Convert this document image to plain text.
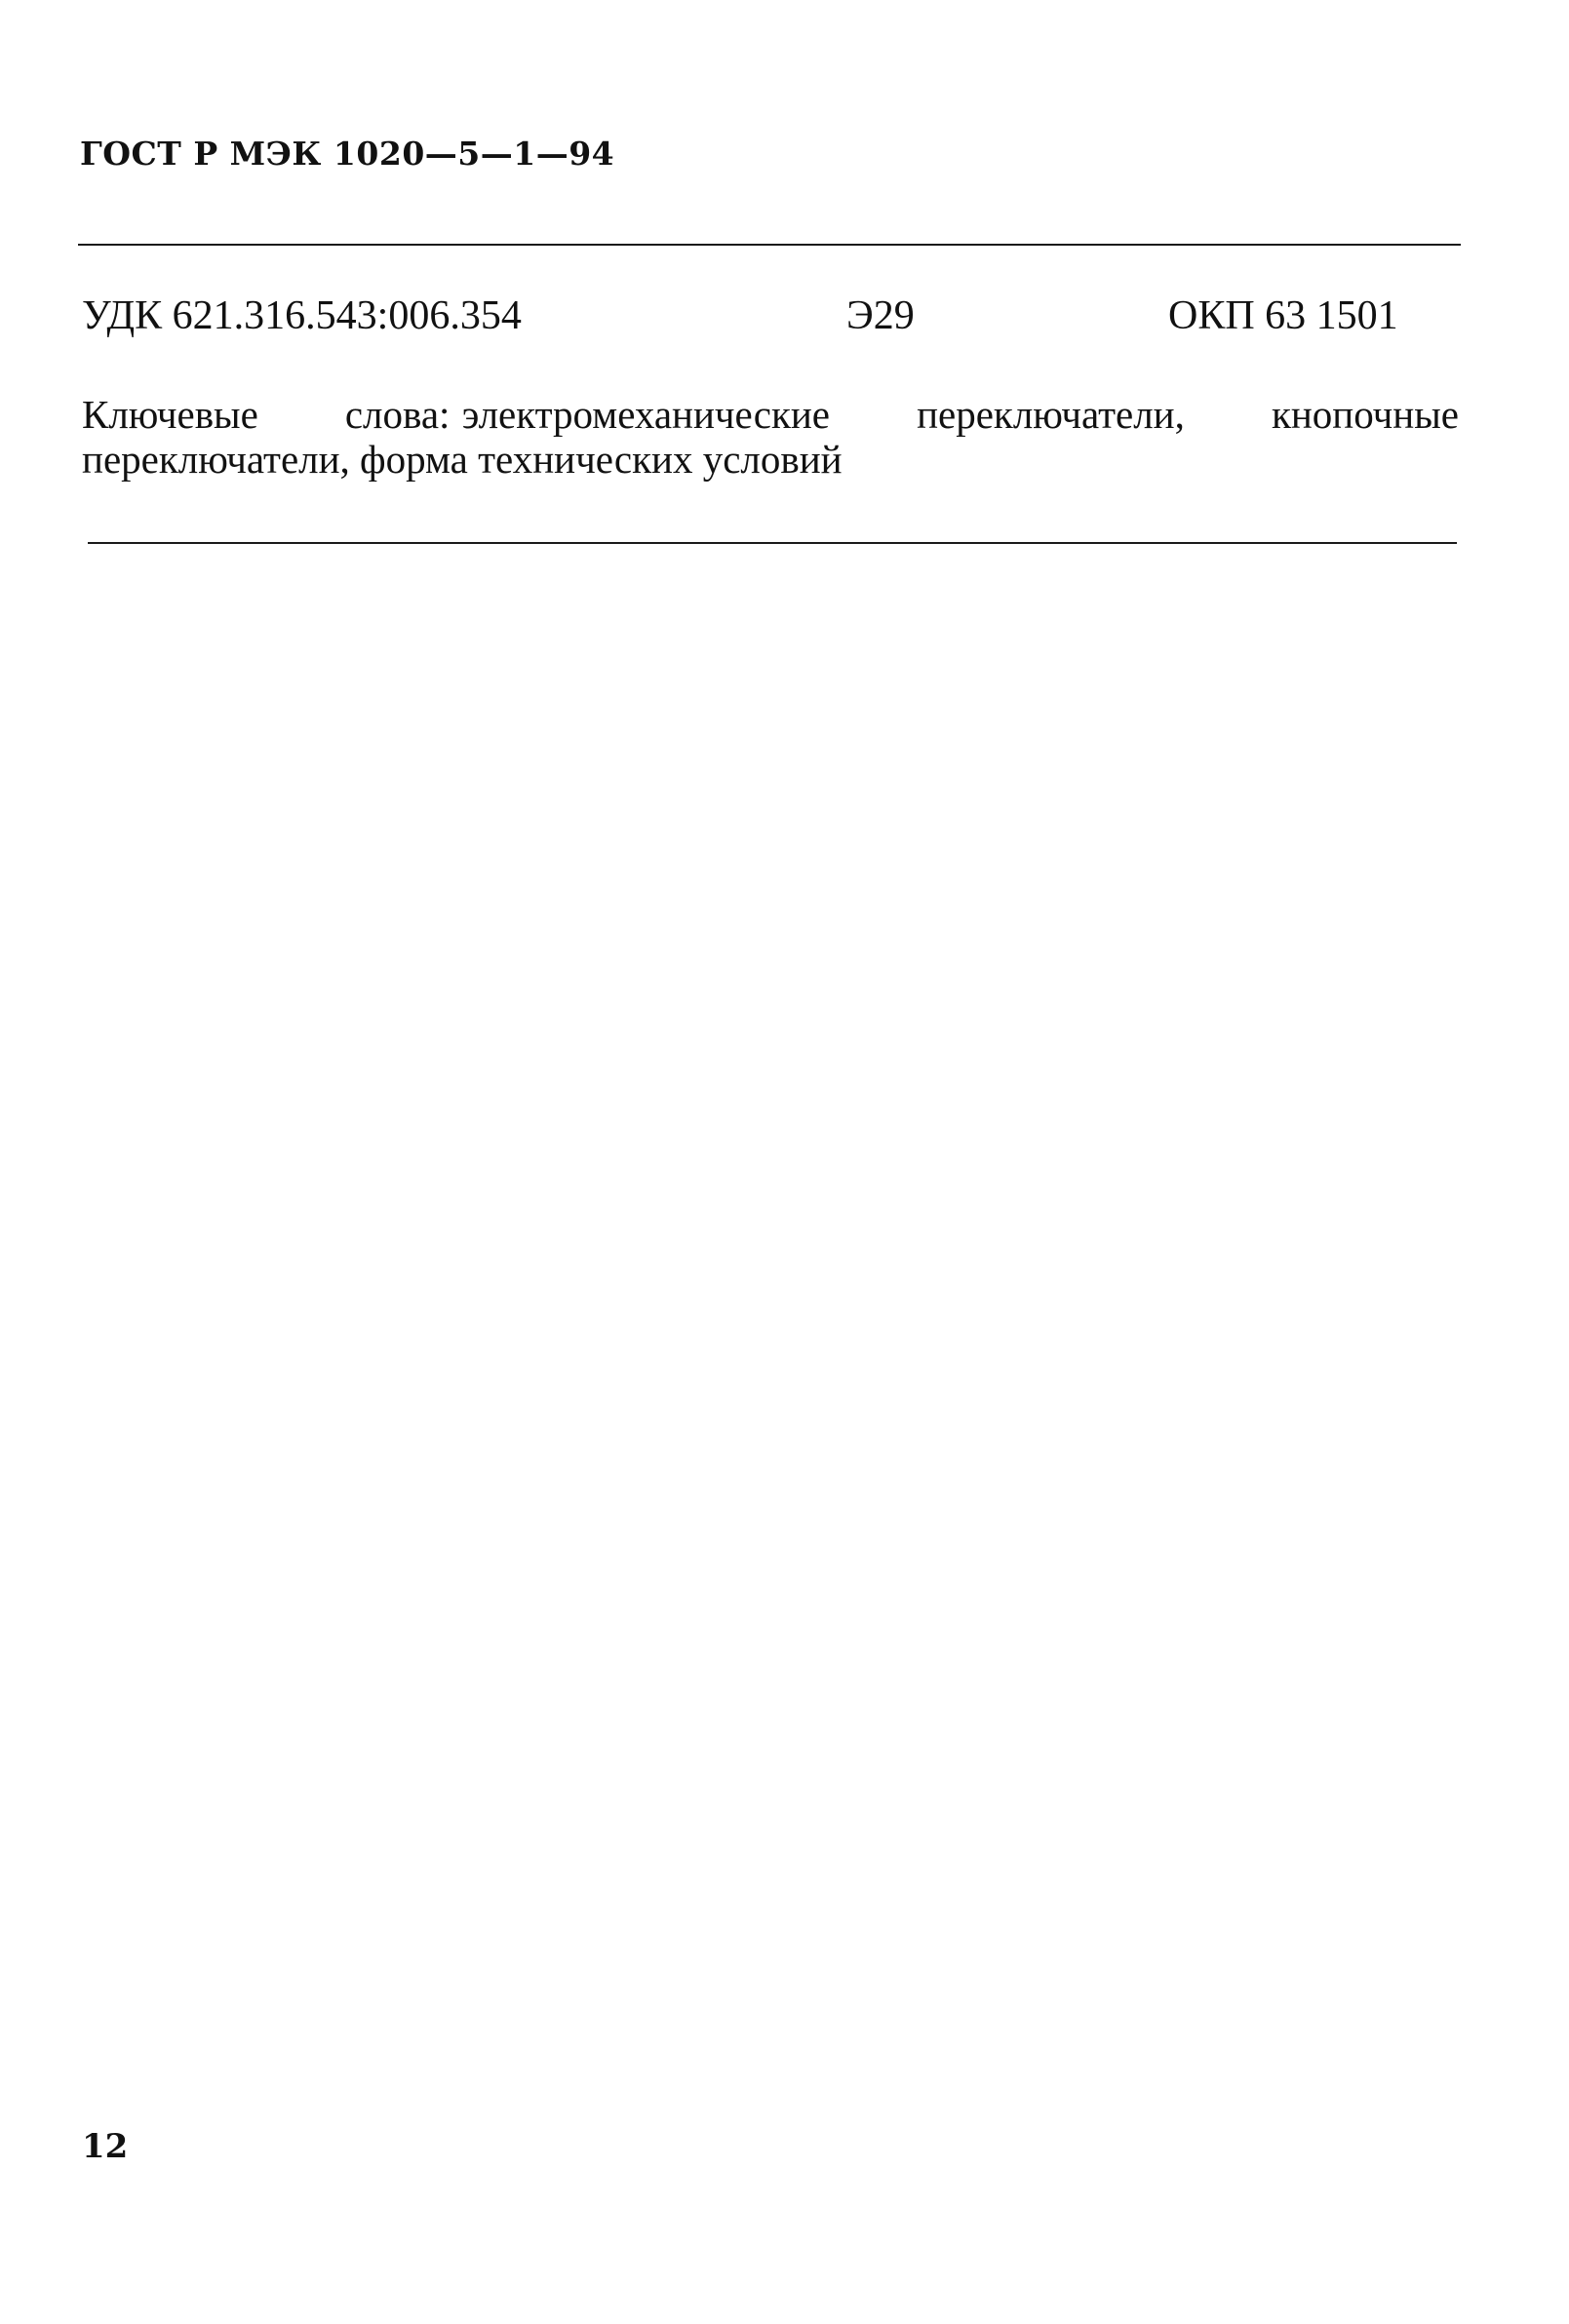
ГОСТ Р МЭК 1020—5—1—94
УДК 621.316.543:006.354	Э29	ОКП 63 1501
Ключевые слова: электромеханические переключатели, кнопочные переключатели, форма технических условий
12
